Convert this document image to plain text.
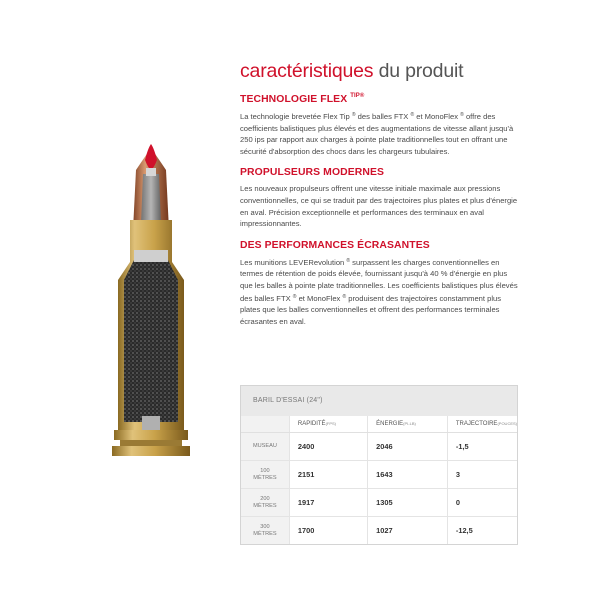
caractéristiques du produit
TECHNOLOGIE FLEX $^{TIP®}$

La technologie brevetée Flex Tip ® des balles FTX ® et MonoFlex ® offre des coefficients balistiques plus élevés et des augmentations de vitesse allant jusqu'à 250 ips par rapport aux charges à pointe plate traditionnelles tout en offrant une sécurité d'absorption des chocs dans les chargeurs tubulaires.

PROPULSEURS MODERNES

Les nouveaux propulseurs offrent une vitesse initiale maximale aux pressions conventionnelles, ce qui se traduit par des trajectoires plus plates et plus d'énergie en aval. Précision exceptionnelle et performances des terminaux en aval impressionnantes.

DES PERFORMANCES ÉCRASANTES

Les munitions LEVERevolution ® surpassent les charges conventionnelles en termes de rétention de poids élevée, fournissant jusqu'à 40 % d'énergie en plus que les balles à pointe plate traditionnelles. Les coefficients balistiques plus élevés des balles FTX ® et MonoFlex ® produisent des trajectoires constamment plus plates que les balles conventionnelles et offrent des performances terminales écrasantes en aval.

BARIL D'ESSAI (24")
	RAPIDITÉ(FPS)	ÉNERGIE(PI-LB)	TRAJECTOIRE(POUCES)
MUSEAU	2400	2046	-1,5
100
MÈTRES	2151	1643	3
200
MÈTRES	1917	1305	0
300
MÈTRES	1700	1027	-12,5
